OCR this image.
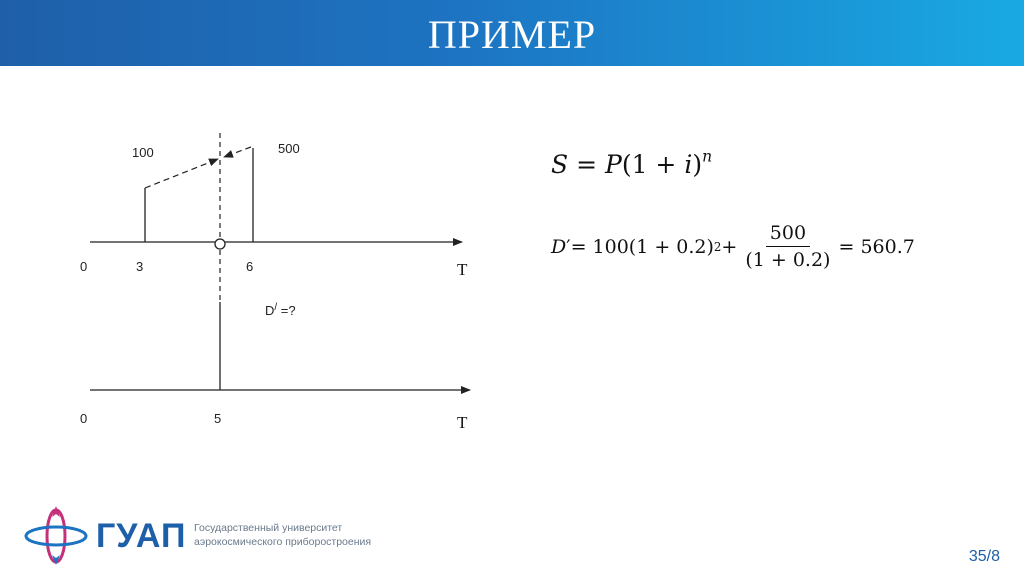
ПРИМЕР
100	500
0	3	6	T
D/ =?
0	5	T
$S = P(1 + i)^n$
D ′ = 100(1 + 0.2) $2 + \frac{500}{(1 + 0.2)} = 560.7$
ГУАП Государственный университет
аэрокосмического приборостроения
35/8
